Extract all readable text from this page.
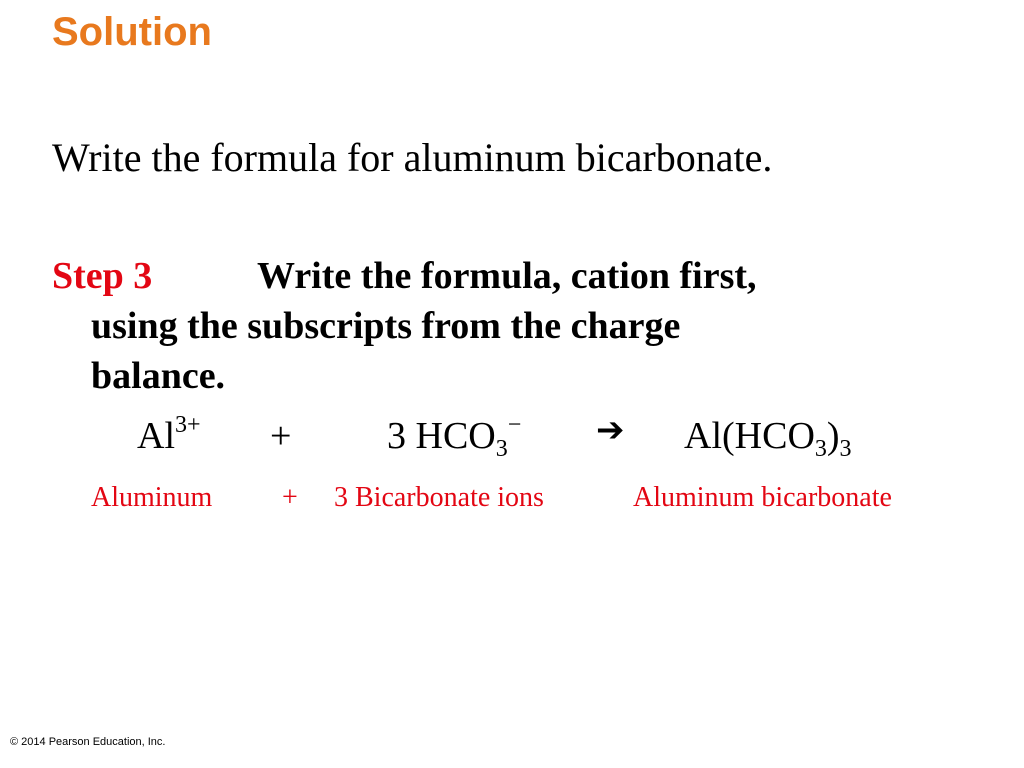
Solution
Write the formula for aluminum bicarbonate.
Step 3	Write the formula, cation first,
using the subscripts from the charge
balance.
$Al^{3+}$ +	3 $HCO_3^-$ ➔ $Al(HCO_3)_3$
Aluminum + 3 Bicarbonate ions	Aluminum bicarbonate
© 2014 Pearson Education, Inc.
